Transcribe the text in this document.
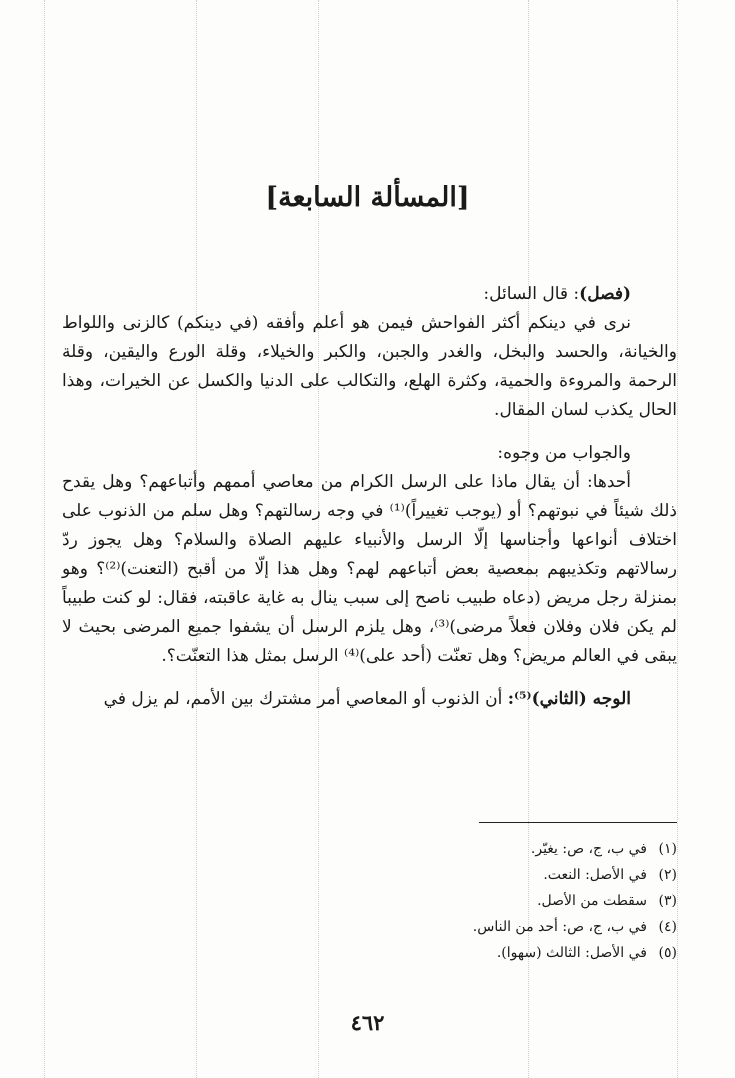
[المسألة السابعة]

(فصل): قال السائل:

نرى في دينكم أكثر الفواحش فيمن هو أعلم وأفقه (في دينكم) كالزنى واللواط والخيانة، والحسد والبخل، والغدر والجبن، والكبر والخيلاء، وقلة الورع واليقين، وقلة الرحمة والمروءة والحمية، وكثرة الهلع، والتكالب على الدنيا والكسل عن الخيرات، وهذا الحال يكذب لسان المقال.

والجواب من وجوه:

أحدها: أن يقال ماذا على الرسل الكرام من معاصي أممهم وأتباعهم؟ وهل يقدح ذلك شيئاً في نبوتهم؟ أو (يوجب تغييراً)⁽¹⁾ في وجه رسالتهم؟ وهل سلم من الذنوب على اختلاف أنواعها وأجناسها إلّا الرسل والأنبياء عليهم الصلاة والسلام؟ وهل يجوز ردّ رسالاتهم وتكذيبهم بمعصية بعض أتباعهم لهم؟ وهل هذا إلّا من أقبح (التعنت)⁽²⁾؟ وهو بمنزلة رجل مريض (دعاه طبيب ناصح إلى سبب ينال به غاية عاقبته، فقال: لو كنت طبيباً لم يكن فلان وفلان فعلاً مرضى)⁽³⁾، وهل يلزم الرسل أن يشفوا جميع المرضى بحيث لا يبقى في العالم مريض؟ وهل تعنّت (أحد على)⁽⁴⁾ الرسل بمثل هذا التعنّت؟.

الوجه (الثاني)⁽⁵⁾: أن الذنوب أو المعاصي أمر مشترك بين الأمم، لم يزل في

(١)في ب، ج، ص: يغيّر.
(٢)في الأصل: النعت.
(٣)سقطت من الأصل.
(٤)في ب، ج، ص: أحد من الناس.
(٥)في الأصل: الثالث (سهوا).
٤٦٢
